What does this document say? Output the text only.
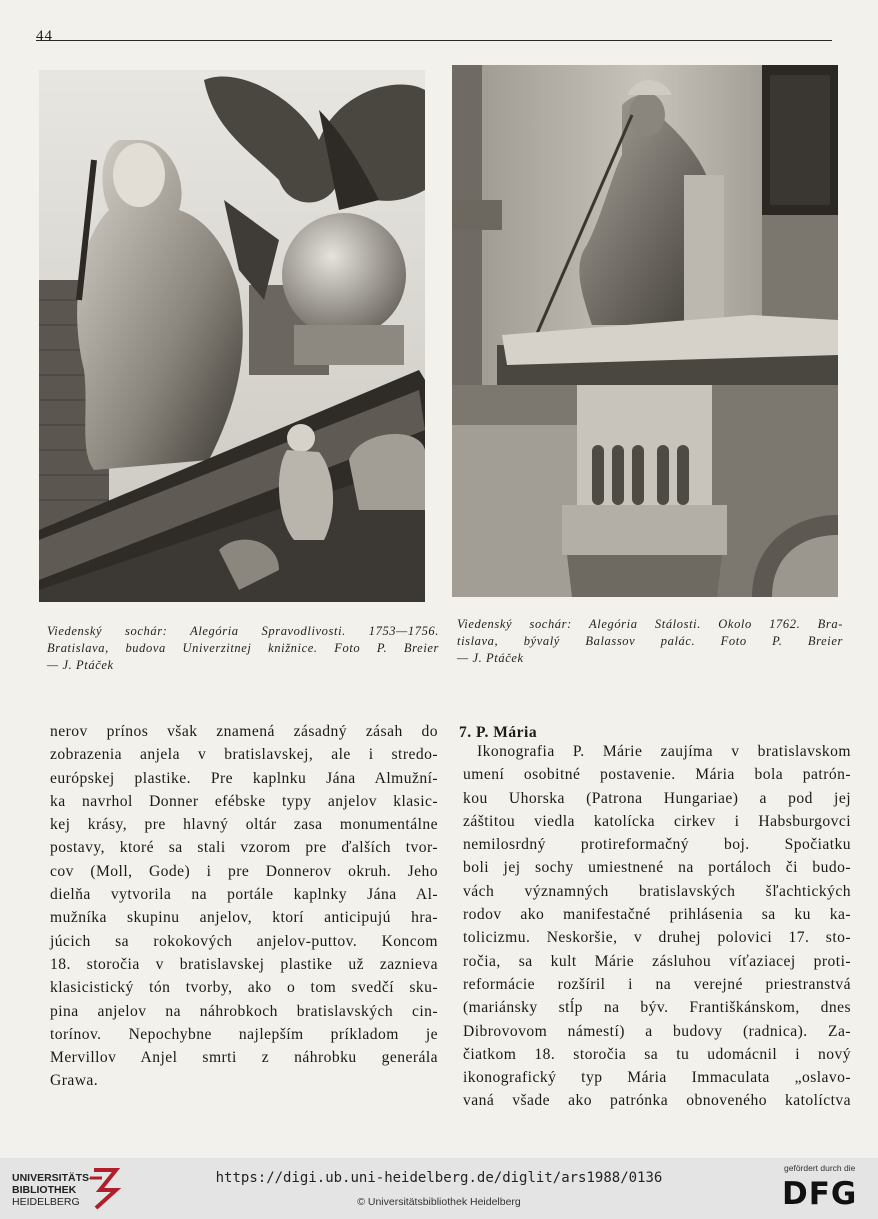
44
Viedenský sochár: Alegória Spravodlivosti. 1753—1756.
Bratislava, budova Univerzitnej knižnice. Foto P. Breier
— J. Ptáček
Viedenský sochár: Alegória Stálosti. Okolo 1762. Bra-
tislava, bývalý Balassov palác. Foto P. Breier
— J. Ptáček
nerov prínos však znamená zásadný zásah do
zobrazenia anjela v bratislavskej, ale i stredo-
európskej plastike. Pre kaplnku Jána Almužní-
ka navrhol Donner efébske typy anjelov klasic-
kej krásy, pre hlavný oltár zasa monumentálne
postavy, ktoré sa stali vzorom pre ďalších tvor-
cov (Moll, Gode) i pre Donnerov okruh. Jeho
dielňa vytvorila na portále kaplnky Jána Al-
mužníka skupinu anjelov, ktorí anticipujú hra-
júcich sa rokokových anjelov-puttov. Koncom
18. storočia v bratislavskej plastike už zaznieva
klasicistický tón tvorby, ako o tom svedčí sku-
pina anjelov na náhrobkoch bratislavských cin-
torínov. Nepochybne najlepším príkladom je
Mervillov Anjel smrti z náhrobku generála
Grawa.
7. P. Mária
Ikonografia P. Márie zaujíma v bratislavskom
umení osobitné postavenie. Mária bola patrón-
kou Uhorska (Patrona Hungariae) a pod jej
záštitou viedla katolícka cirkev i Habsburgovci
nemilosrdný protireformačný boj. Spočiatku
boli jej sochy umiestnené na portáloch či budo-
vách významných bratislavských šľachtických
rodov ako manifestačné prihlásenia sa ku ka-
tolicizmu. Neskoršie, v druhej polovici 17. sto-
ročia, sa kult Márie zásluhou víťaziacej proti-
reformácie rozšíril i na verejné priestranstvá
(mariánsky stĺp na býv. Františkánskom, dnes
Dibrovovom námestí) a budovy (radnica). Za-
čiatkom 18. storočia sa tu udomácnil i nový
ikonografický typ Mária Immaculata „oslavo-
vaná všade ako patrónka obnoveného katolíctva
UNIVERSITÄTS-
BIBLIOTHEK
HEIDELBERG
https://digi.ub.uni-heidelberg.de/diglit/ars1988/0136
© Universitätsbibliothek Heidelberg
gefördert durch die
DFG
